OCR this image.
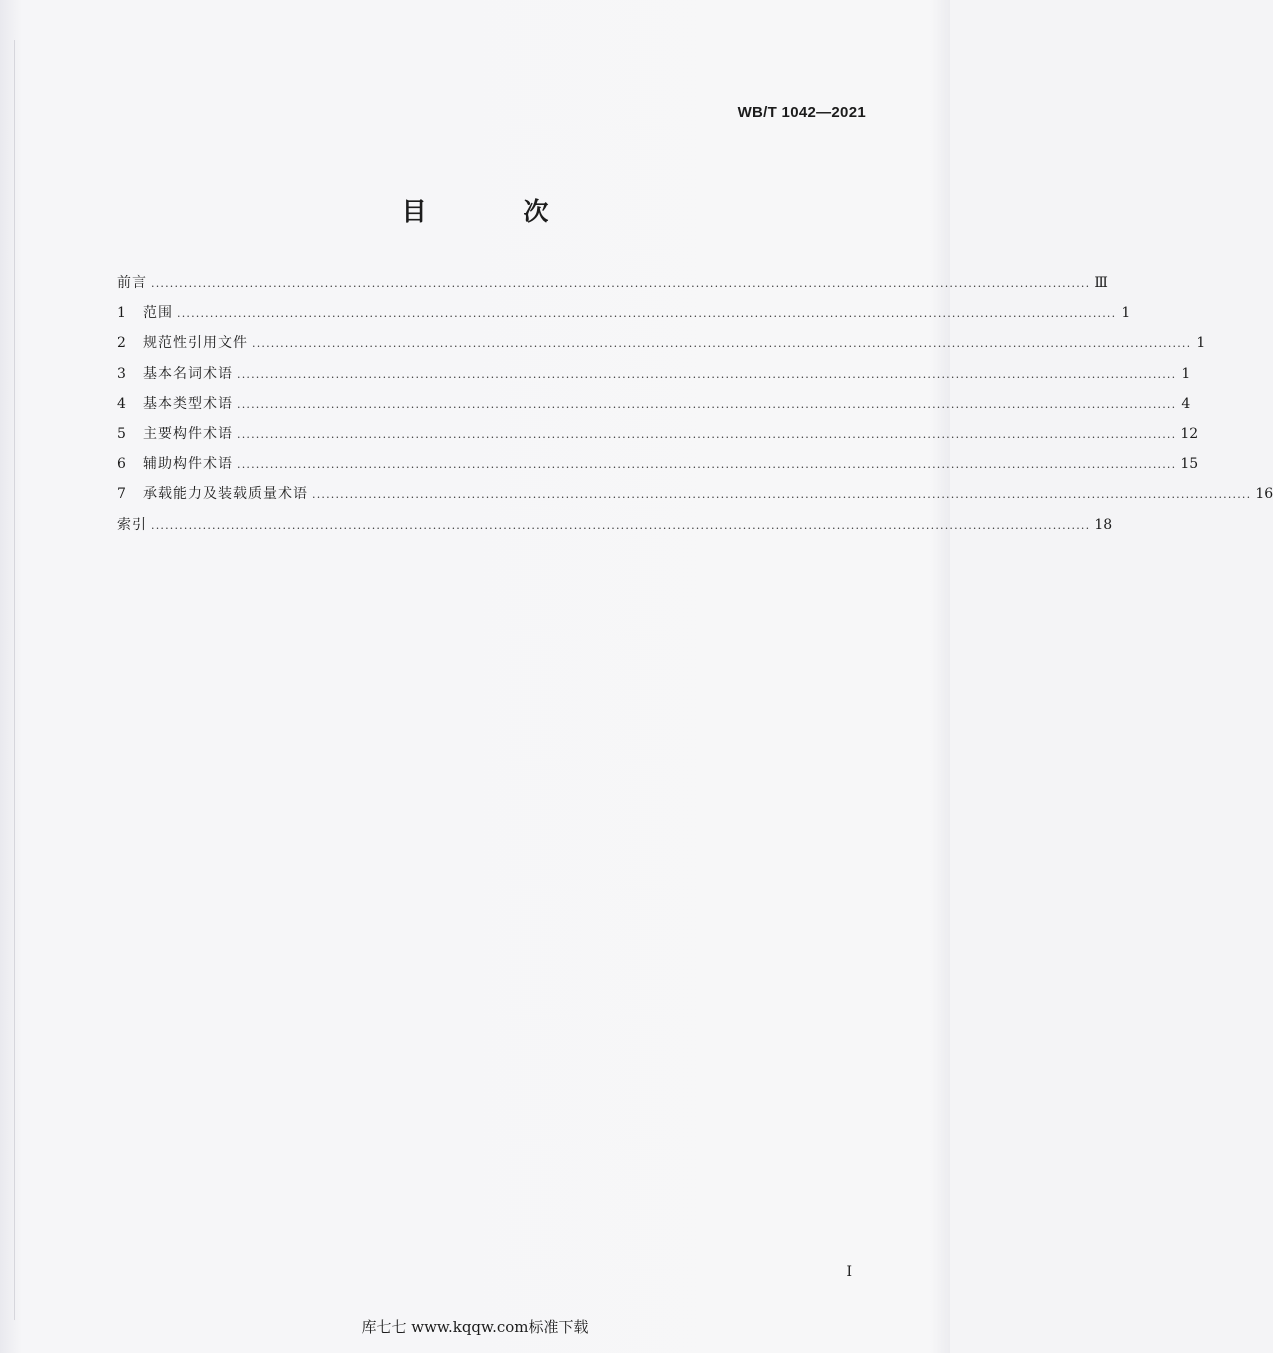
WB/T 1042—2021
目 次
前言 ........................................................................................................................................................................................................ Ⅲ
1 范围 ........................................................................................................................................................................................................ 1
2 规范性引用文件 ........................................................................................................................................................................................................ 1
3 基本名词术语 ........................................................................................................................................................................................................ 1
4 基本类型术语 ........................................................................................................................................................................................................ 4
5 主要构件术语 ........................................................................................................................................................................................................ 12
6 辅助构件术语 ........................................................................................................................................................................................................ 15
7 承载能力及装载质量术语 ........................................................................................................................................................................................................ 16
索引 ........................................................................................................................................................................................................ 18
Ⅰ
库七七 www.kqqw.com标准下载
